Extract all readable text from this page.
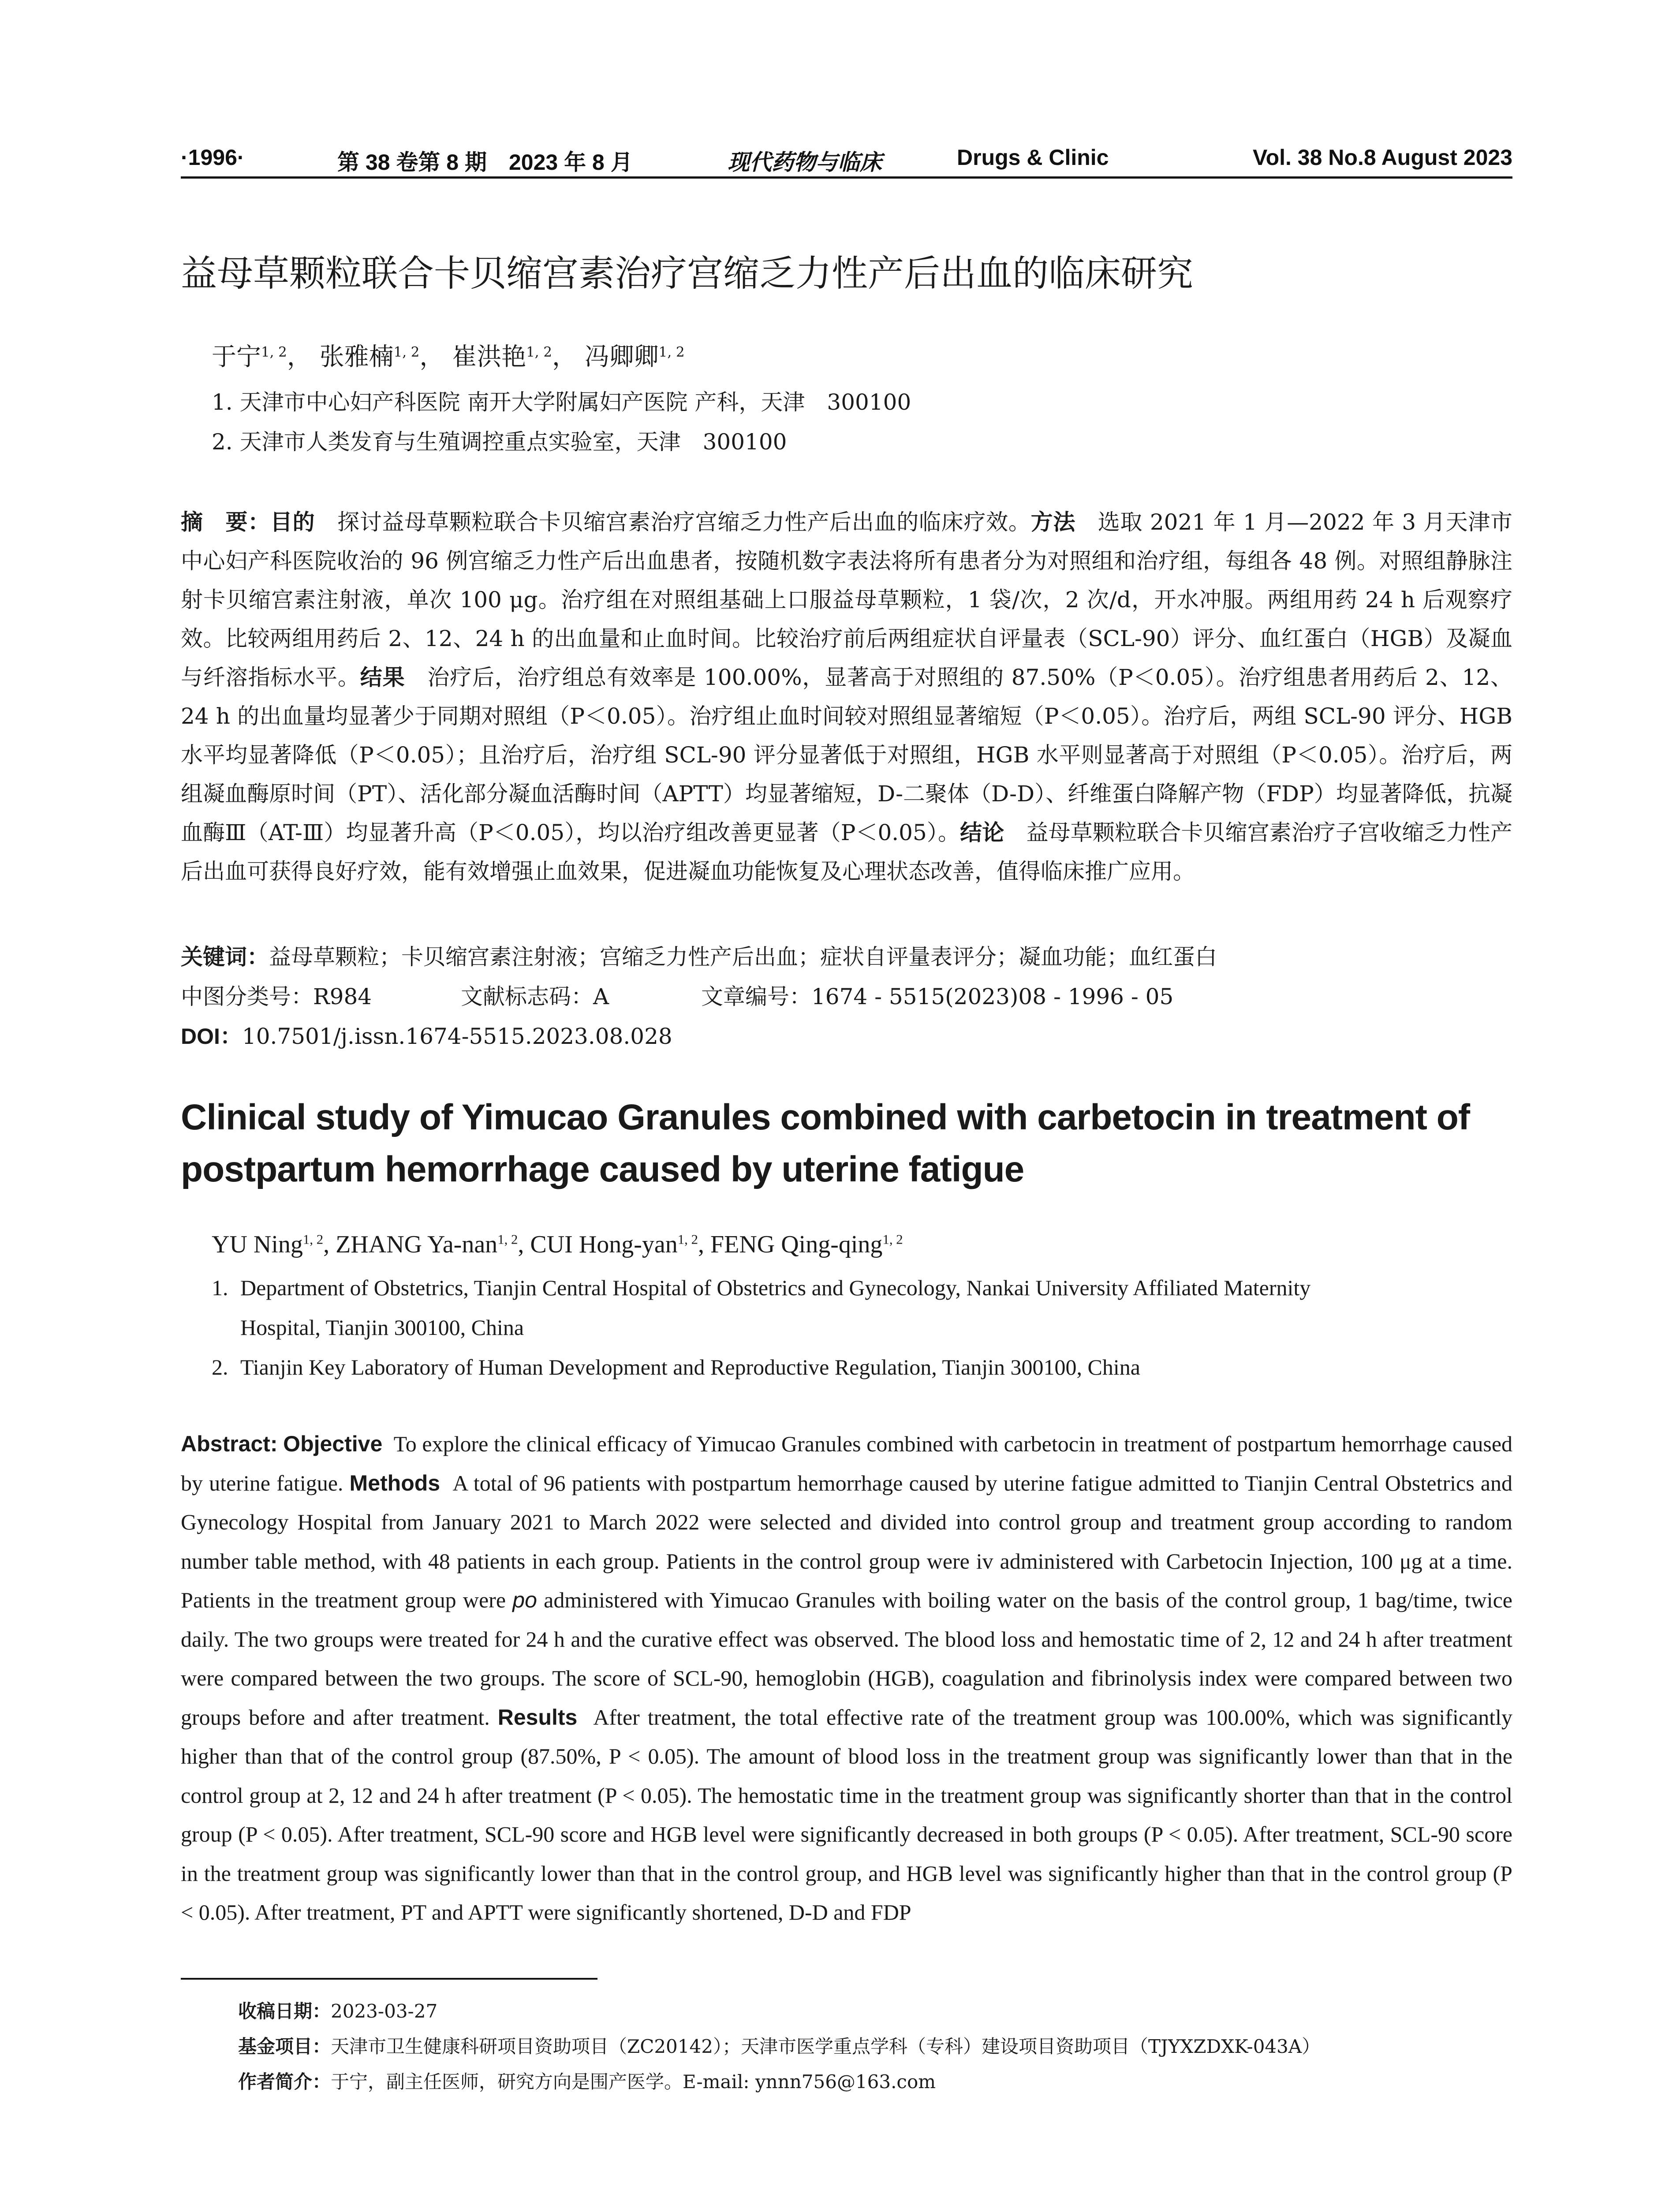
·1996·	第 38 卷第 8 期　2023 年 8 月	现代药物与临床	Drugs & Clinic	Vol. 38 No.8 August 2023
益母草颗粒联合卡贝缩宫素治疗宫缩乏力性产后出血的临床研究
于宁$^{1, 2}$， 张雅楠$^{1, 2}$， 崔洪艳$^{1, 2}$， 冯卿卿$^{1, 2}$
1. 天津市中心妇产科医院 南开大学附属妇产医院 产科，天津　300100
2. 天津市人类发育与生殖调控重点实验室，天津　300100
摘　要：目的　 探讨益母草颗粒联合卡贝缩宫素治疗宫缩乏力性产后出血的临床疗效。方法　 选取 2021 年 1 月—2022 年 3 月天津市中心妇产科医院收治的 96 例宫缩乏力性产后出血患者，按随机数字表法将所有患者分为对照组和治疗组，每组各 48 例。对照组静脉注射卡贝缩宫素注射液，单次 100 μg。治疗组在对照组基础上口服益母草颗粒，1 袋/次，2 次/d，开水冲服。两组用药 24 h 后观察疗效。比较两组用药后 2、12、24 h 的出血量和止血时间。比较治疗前后两组症状自评量表（SCL-90）评分、血红蛋白（HGB）及凝血与纤溶指标水平。结果　 治疗后，治疗组总有效率是 100.00%，显著高于对照组的 87.50%（P＜0.05）。治疗组患者用药后 2、12、24 h 的出血量均显著少于同期对照组（P＜0.05）。治疗组止血时间较对照组显著缩短（P＜0.05）。治疗后，两组 SCL-90 评分、HGB 水平均显著降低（P＜0.05）；且治疗后，治疗组 SCL-90 评分显著低于对照组，HGB 水平则显著高于对照组（P＜0.05）。治疗后，两组凝血酶原时间（PT）、活化部分凝血活酶时间（APTT）均显著缩短，D-二聚体（D-D）、纤维蛋白降解产物（FDP）均显著降低，抗凝血酶Ⅲ（AT-Ⅲ）均显著升高（P＜0.05），均以治疗组改善更显著（P＜0.05）。结论　 益母草颗粒联合卡贝缩宫素治疗子宫收缩乏力性产后出血可获得良好疗效，能有效增强止血效果，促进凝血功能恢复及心理状态改善，值得临床推广应用。
关键词：益母草颗粒；卡贝缩宫素注射液；宫缩乏力性产后出血；症状自评量表评分；凝血功能；血红蛋白
中图分类号：R984	文献标志码：A	文章编号：1674 - 5515(2023)08 - 1996 - 05
DOI：10.7501/j.issn.1674-5515.2023.08.028
Clinical study of Yimucao Granules combined with carbetocin in treatment of postpartum hemorrhage caused by uterine fatigue
YU Ning$^{1, 2}$, ZHANG Ya-nan$^{1, 2}$, CUI Hong-yan$^{1, 2}$, FENG Qing-qing$^{1, 2}$
1. Department of Obstetrics, Tianjin Central Hospital of Obstetrics and Gynecology, Nankai University Affiliated Maternity
Hospital, Tianjin 300100, China
2. Tianjin Key Laboratory of Human Development and Reproductive Regulation, Tianjin 300100, China
Abstract: Objective To explore the clinical efficacy of Yimucao Granules combined with carbetocin in treatment of postpartum hemorrhage caused by uterine fatigue. Methods A total of 96 patients with postpartum hemorrhage caused by uterine fatigue admitted to Tianjin Central Obstetrics and Gynecology Hospital from January 2021 to March 2022 were selected and divided into control group and treatment group according to random number table method, with 48 patients in each group. Patients in the control group were iv administered with Carbetocin Injection, 100 μg at a time. Patients in the treatment group were po administered with Yimucao Granules with boiling water on the basis of the control group, 1 bag/time, twice daily. The two groups were treated for 24 h and the curative effect was observed. The blood loss and hemostatic time of 2, 12 and 24 h after treatment were compared between the two groups. The score of SCL-90, hemoglobin (HGB), coagulation and fibrinolysis index were compared between two groups before and after treatment. Results After treatment, the total effective rate of the treatment group was 100.00%, which was significantly higher than that of the control group (87.50%, P < 0.05). The amount of blood loss in the treatment group was significantly lower than that in the control group at 2, 12 and 24 h after treatment (P < 0.05). The hemostatic time in the treatment group was significantly shorter than that in the control group (P < 0.05). After treatment, SCL-90 score and HGB level were significantly decreased in both groups (P < 0.05). After treatment, SCL-90 score in the treatment group was significantly lower than that in the control group, and HGB level was significantly higher than that in the control group (P < 0.05). After treatment, PT and APTT were significantly shortened, D-D and FDP
收稿日期：2023-03-27
基金项目：天津市卫生健康科研项目资助项目（ZC20142）；天津市医学重点学科（专科）建设项目资助项目（TJYXZDXK-043A）
作者简介：于宁，副主任医师，研究方向是围产医学。E-mail: ynnn756@163.com
